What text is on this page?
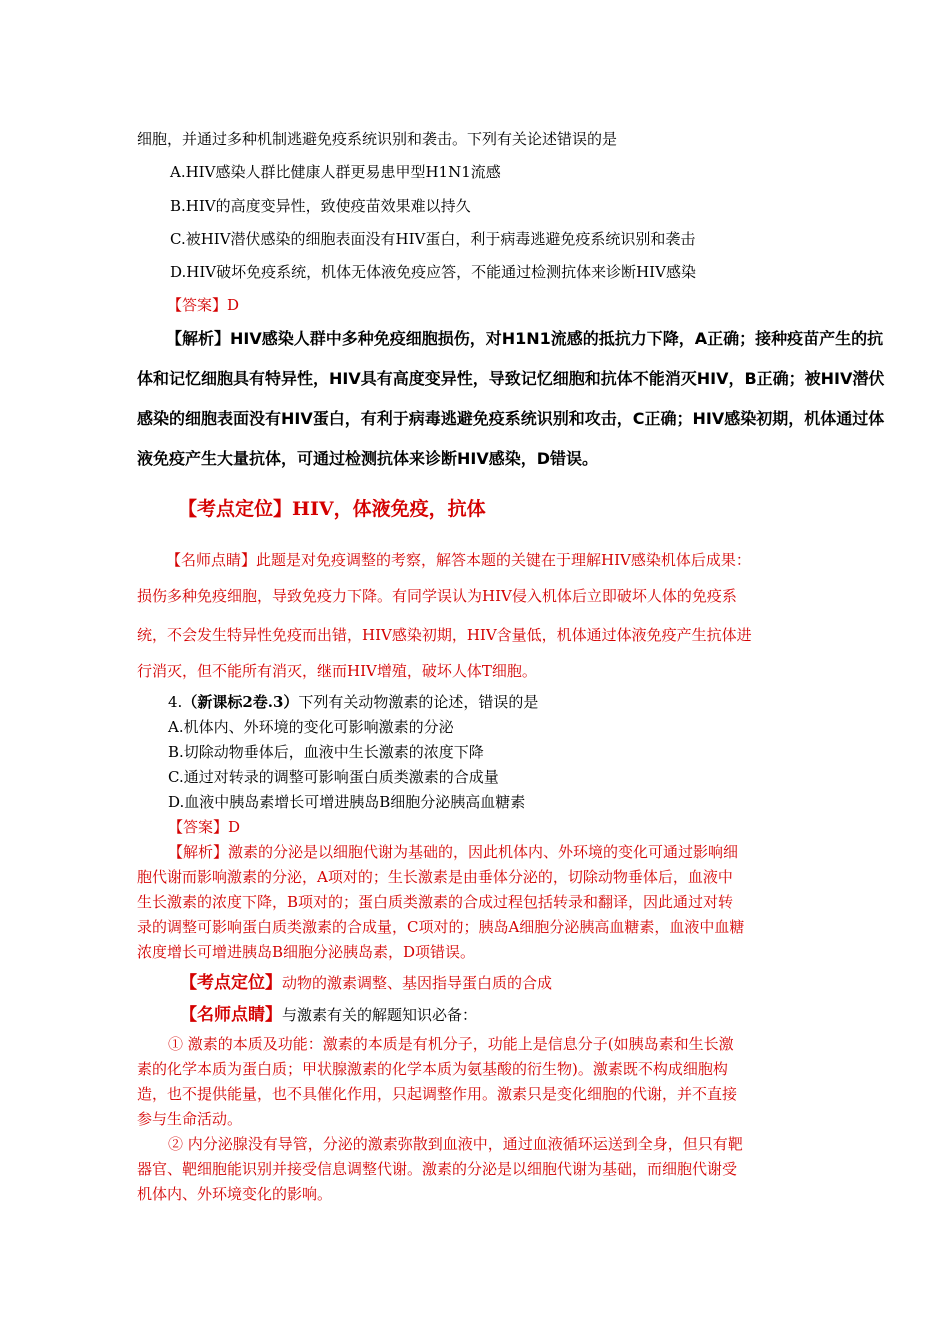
细胞，并通过多种机制逃避免疫系统识别和袭击。下列有关论述错误的是
A.HIV感染人群比健康人群更易患甲型H1N1流感
B.HIV的高度变异性，致使疫苗效果难以持久
C.被HIV潜伏感染的细胞表面没有HIV蛋白，利于病毒逃避免疫系统识别和袭击
D.HIV破坏免疫系统，机体无体液免疫应答，不能通过检测抗体来诊断HIV感染
【答案】D
【解析】HIV感染人群中多种免疫细胞损伤，对H1N1流感的抵抗力下降，A正确；接种疫苗产生的抗
体和记忆细胞具有特异性，HIV具有高度变异性，导致记忆细胞和抗体不能消灭HIV，B正确；被HIV潜伏
感染的细胞表面没有HIV蛋白，有利于病毒逃避免疫系统识别和攻击，C正确；HIV感染初期，机体通过体
液免疫产生大量抗体，可通过检测抗体来诊断HIV感染，D错误。
【考点定位】HIV，体液免疫，抗体
【名师点睛】此题是对免疫调整的考察，解答本题的关键在于理解HIV感染机体后成果：
损伤多种免疫细胞，导致免疫力下降。有同学误认为HIV侵入机体后立即破坏人体的免疫系
统，不会发生特异性免疫而出错，HIV感染初期，HIV含量低，机体通过体液免疫产生抗体进
行消灭，但不能所有消灭，继而HIV增殖，破坏人体T细胞。
4.（新课标2卷.3）下列有关动物激素的论述，错误的是
A.机体内、外环境的变化可影响激素的分泌
B.切除动物垂体后，血液中生长激素的浓度下降
C.通过对转录的调整可影响蛋白质类激素的合成量
D.血液中胰岛素增长可增进胰岛B细胞分泌胰高血糖素
【答案】D
【解析】激素的分泌是以细胞代谢为基础的，因此机体内、外环境的变化可通过影响细
胞代谢而影响激素的分泌，A项对的；生长激素是由垂体分泌的，切除动物垂体后，血液中
生长激素的浓度下降，B项对的；蛋白质类激素的合成过程包括转录和翻译，因此通过对转
录的调整可影响蛋白质类激素的合成量，C项对的；胰岛A细胞分泌胰高血糖素，血液中血糖
浓度增长可增进胰岛B细胞分泌胰岛素，D项错误。
【考点定位】动物的激素调整、基因指导蛋白质的合成
【名师点睛】与激素有关的解题知识必备：
① 激素的本质及功能：激素的本质是有机分子，功能上是信息分子(如胰岛素和生长激
素的化学本质为蛋白质；甲状腺激素的化学本质为氨基酸的衍生物)。激素既不构成细胞构
造，也不提供能量，也不具催化作用，只起调整作用。激素只是变化细胞的代谢，并不直接
参与生命活动。
② 内分泌腺没有导管，分泌的激素弥散到血液中，通过血液循环运送到全身，但只有靶
器官、靶细胞能识别并接受信息调整代谢。激素的分泌是以细胞代谢为基础，而细胞代谢受
机体内、外环境变化的影响。
